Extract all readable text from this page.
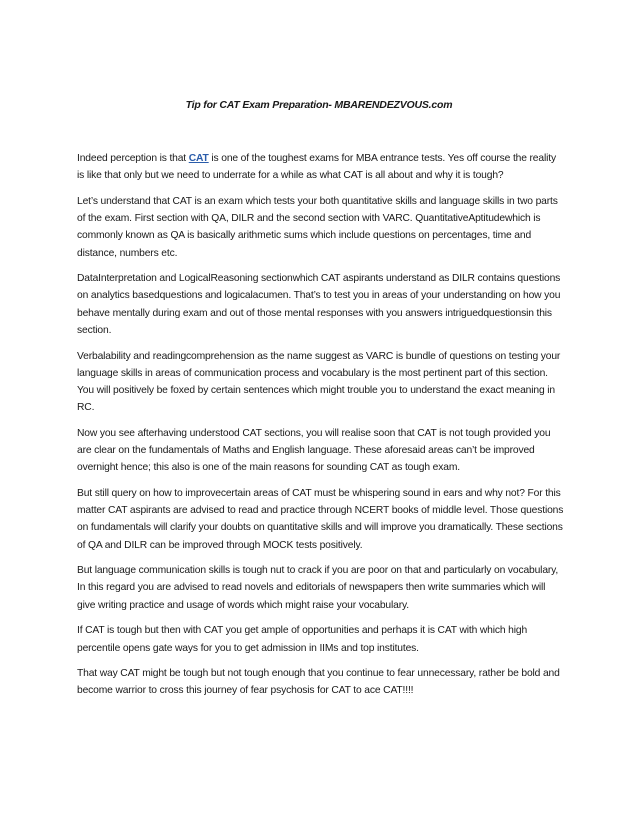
Tip for CAT Exam Preparation- MBARENDEZVOUS.com

Indeed perception is that CAT is one of the toughest exams for MBA entrance tests. Yes off course the reality is like that only but we need to underrate for a while as what CAT is all about and why it is tough?

Let’s understand that CAT is an exam which tests your both quantitative skills and language skills in two parts of the exam. First section with QA, DILR and the second section with VARC. QuantitativeAptitudewhich is commonly known as QA is basically arithmetic sums which include questions on percentages, time and distance, numbers etc.

DataInterpretation and LogicalReasoning sectionwhich CAT aspirants understand as DILR contains questions on analytics basedquestions and logicalacumen. That’s to test you in areas of your understanding on how you behave mentally during exam and out of those mental responses with you answers intriguedquestionsin this section.

Verbalability and readingcomprehension as the name suggest as VARC is bundle of questions on testing your language skills in areas of communication process and vocabulary is the most pertinent part of this section. You will positively be foxed by certain sentences which might trouble you to understand the exact meaning in RC.

Now you see afterhaving understood CAT sections, you will realise soon that CAT is not tough provided you are clear on the fundamentals of Maths and English language. These aforesaid areas can’t be improved overnight hence; this also is one of the main reasons for sounding CAT as tough exam.

But still query on how to improvecertain areas of CAT must be whispering sound in ears and why not? For this matter CAT aspirants are advised to read and practice through NCERT books of middle level. Those questions on fundamentals will clarify your doubts on quantitative skills and will improve you dramatically. These sections of QA and DILR can be improved through MOCK tests positively.

But language communication skills is tough nut to crack if you are poor on that and particularly on vocabulary, In this regard you are advised to read novels and editorials of newspapers then write summaries which will give writing practice and usage of words which might raise your vocabulary.

If CAT is tough but then with CAT you get ample of opportunities and perhaps it is CAT with which high percentile opens gate ways for you to get admission in IIMs and top institutes.

That way CAT might be tough but not tough enough that you continue to fear unnecessary, rather be bold and become warrior to cross this journey of fear psychosis for CAT to ace CAT!!!!
